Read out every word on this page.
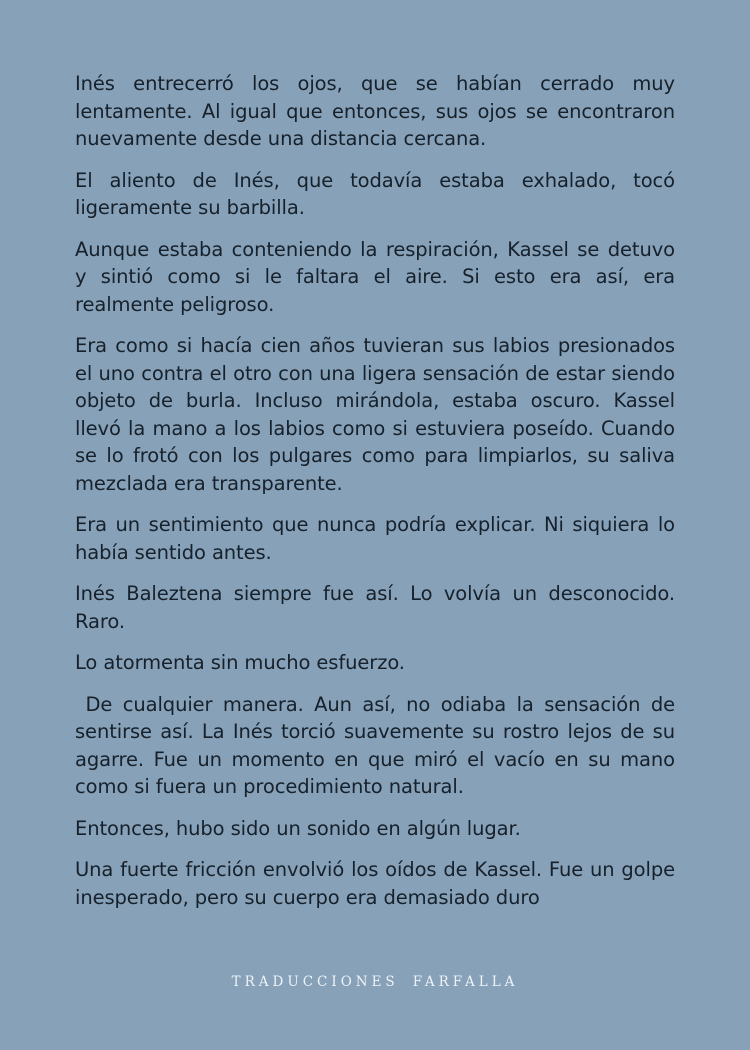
Inés entrecerró los ojos, que se habían cerrado muy lentamente. Al igual que entonces, sus ojos se encontraron nuevamente desde una distancia cercana.

El aliento de Inés, que todavía estaba exhalado, tocó ligeramente su barbilla.

Aunque estaba conteniendo la respiración, Kassel se detuvo y sintió como si le faltara el aire. Si esto era así, era realmente peligroso.

Era como si hacía cien años tuvieran sus labios presionados el uno contra el otro con una ligera sensación de estar siendo objeto de burla. Incluso mirándola, estaba oscuro. Kassel llevó la mano a los labios como si estuviera poseído. Cuando se lo frotó con los pulgares como para limpiarlos, su saliva mezclada era transparente.

Era un sentimiento que nunca podría explicar. Ni siquiera lo había sentido antes.

Inés Baleztena siempre fue así. Lo volvía un desconocido. Raro.

Lo atormenta sin mucho esfuerzo.

De cualquier manera. Aun así, no odiaba la sensación de sentirse así. La Inés torció suavemente su rostro lejos de su agarre. Fue un momento en que miró el vacío en su mano como si fuera un procedimiento natural.

Entonces, hubo sido un sonido en algún lugar.

Una fuerte fricción envolvió los oídos de Kassel. Fue un golpe inesperado, pero su cuerpo era demasiado duro

TRADUCCIONES FARFALLA
